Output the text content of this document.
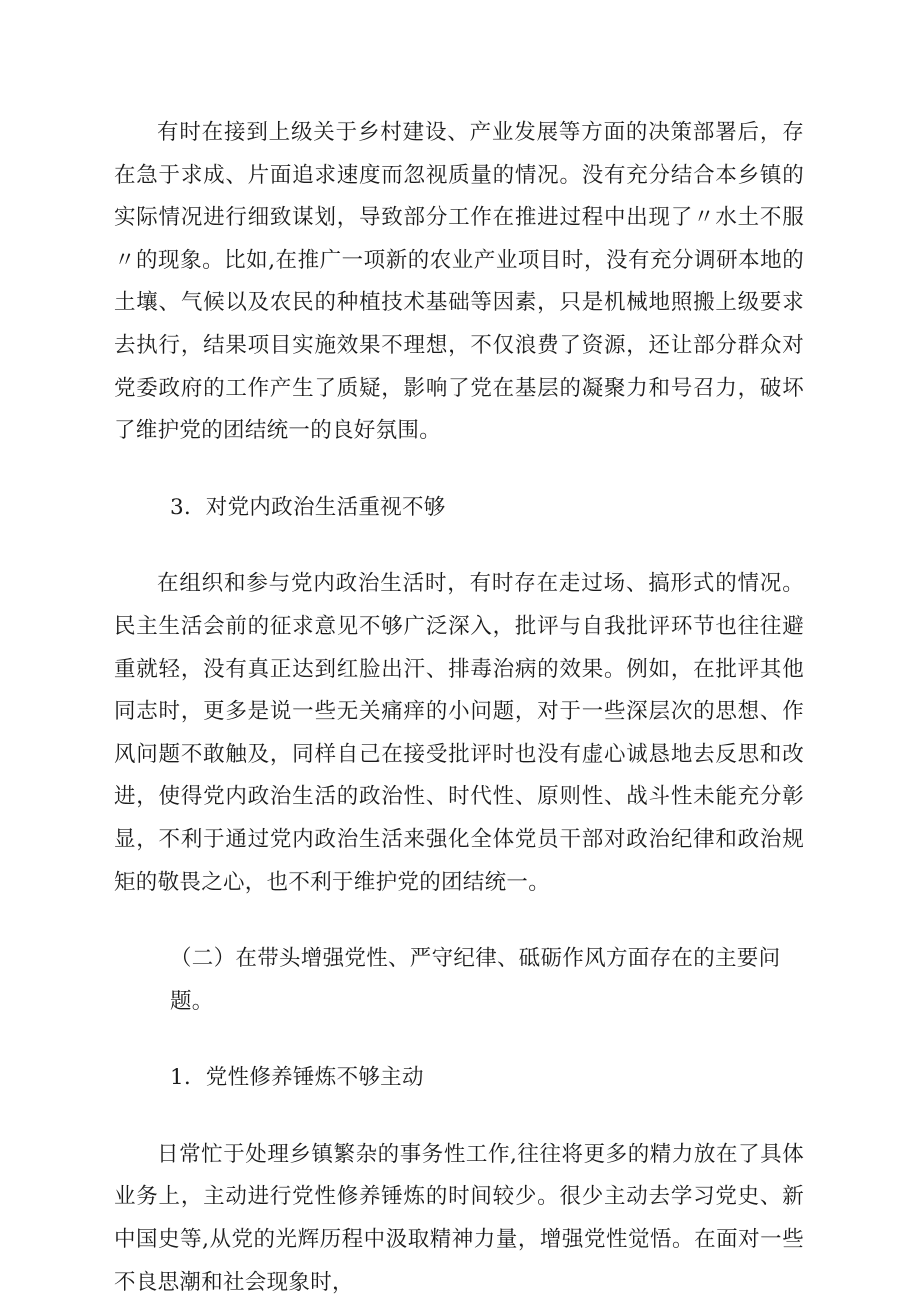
有时在接到上级关于乡村建设、产业发展等方面的决策部署后，存在急于求成、片面追求速度而忽视质量的情况。没有充分结合本乡镇的实际情况进行细致谋划，导致部分工作在推进过程中出现了〃水土不服〃的现象。比如,在推广一项新的农业产业项目时，没有充分调研本地的土壤、气候以及农民的种植技术基础等因素，只是机械地照搬上级要求去执行，结果项目实施效果不理想，不仅浪费了资源，还让部分群众对党委政府的工作产生了质疑，影响了党在基层的凝聚力和号召力，破坏了维护党的团结统一的良好氛围。

3．对党内政治生活重视不够

在组织和参与党内政治生活时，有时存在走过场、搞形式的情况。民主生活会前的征求意见不够广泛深入，批评与自我批评环节也往往避重就轻，没有真正达到红脸出汗、排毒治病的效果。例如，在批评其他同志时，更多是说一些无关痛痒的小问题，对于一些深层次的思想、作风问题不敢触及，同样自己在接受批评时也没有虚心诚恳地去反思和改进，使得党内政治生活的政治性、时代性、原则性、战斗性未能充分彰显，不利于通过党内政治生活来强化全体党员干部对政治纪律和政治规矩的敬畏之心，也不利于维护党的团结统一。

（二）在带头增强党性、严守纪律、砥砺作风方面存在的主要问题。

1．党性修养锤炼不够主动

日常忙于处理乡镇繁杂的事务性工作,往往将更多的精力放在了具体业务上，主动进行党性修养锤炼的时间较少。很少主动去学习党史、新中国史等,从党的光辉历程中汲取精神力量，增强党性觉悟。在面对一些不良思潮和社会现象时，
